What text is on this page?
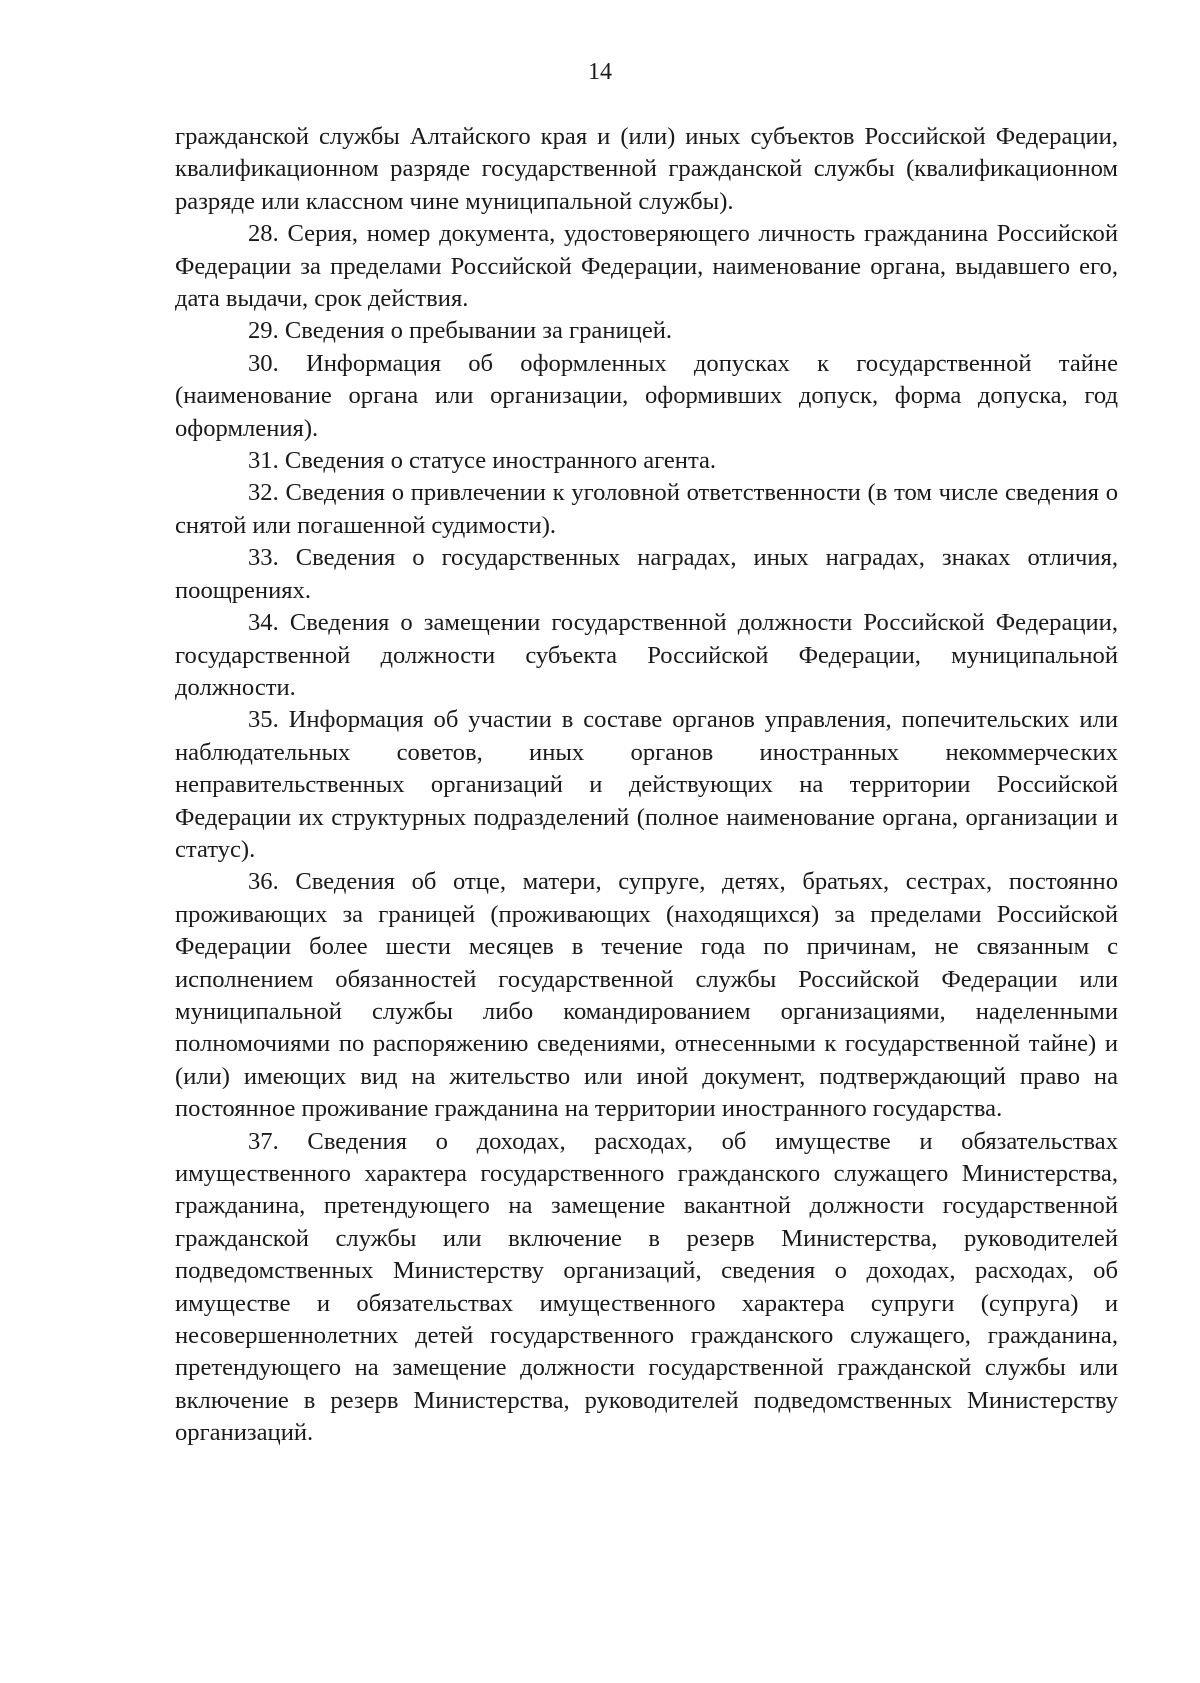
14

гражданской службы Алтайского края и (или) иных субъектов Российской Федерации, квалификационном разряде государственной гражданской службы (квалификационном разряде или классном чине муниципальной службы).

28. Серия, номер документа, удостоверяющего личность гражданина Российской Федерации за пределами Российской Федерации, наименование органа, выдавшего его, дата выдачи, срок действия.

29. Сведения о пребывании за границей.

30. Информация об оформленных допусках к государственной тайне (наименование органа или организации, оформивших допуск, форма допуска, год оформления).

31. Сведения о статусе иностранного агента.

32. Сведения о привлечении к уголовной ответственности (в том числе сведения о снятой или погашенной судимости).

33. Сведения о государственных наградах, иных наградах, знаках отличия, поощрениях.

34. Сведения о замещении государственной должности Российской Федерации, государственной должности субъекта Российской Федерации, муниципальной должности.

35. Информация об участии в составе органов управления, попечительских или наблюдательных советов, иных органов иностранных некоммерческих неправительственных организаций и действующих на территории Российской Федерации их структурных подразделений (полное наименование органа, организации и статус).

36. Сведения об отце, матери, супруге, детях, братьях, сестрах, постоянно проживающих за границей (проживающих (находящихся) за пределами Российской Федерации более шести месяцев в течение года по причинам, не связанным с исполнением обязанностей государственной службы Российской Федерации или муниципальной службы либо командированием организациями, наделенными полномочиями по распоряжению сведениями, отнесенными к государственной тайне) и (или) имеющих вид на жительство или иной документ, подтверждающий право на постоянное проживание гражданина на территории иностранного государства.

37. Сведения о доходах, расходах, об имуществе и обязательствах имущественного характера государственного гражданского служащего Министерства, гражданина, претендующего на замещение вакантной должности государственной гражданской службы или включение в резерв Министерства, руководителей подведомственных Министерству организаций, сведения о доходах, расходах, об имуществе и обязательствах имущественного характера супруги (супруга) и несовершеннолетних детей государственного гражданского служащего, гражданина, претендующего на замещение должности государственной гражданской службы или включение в резерв Министерства, руководителей подведомственных Министерству организаций.
